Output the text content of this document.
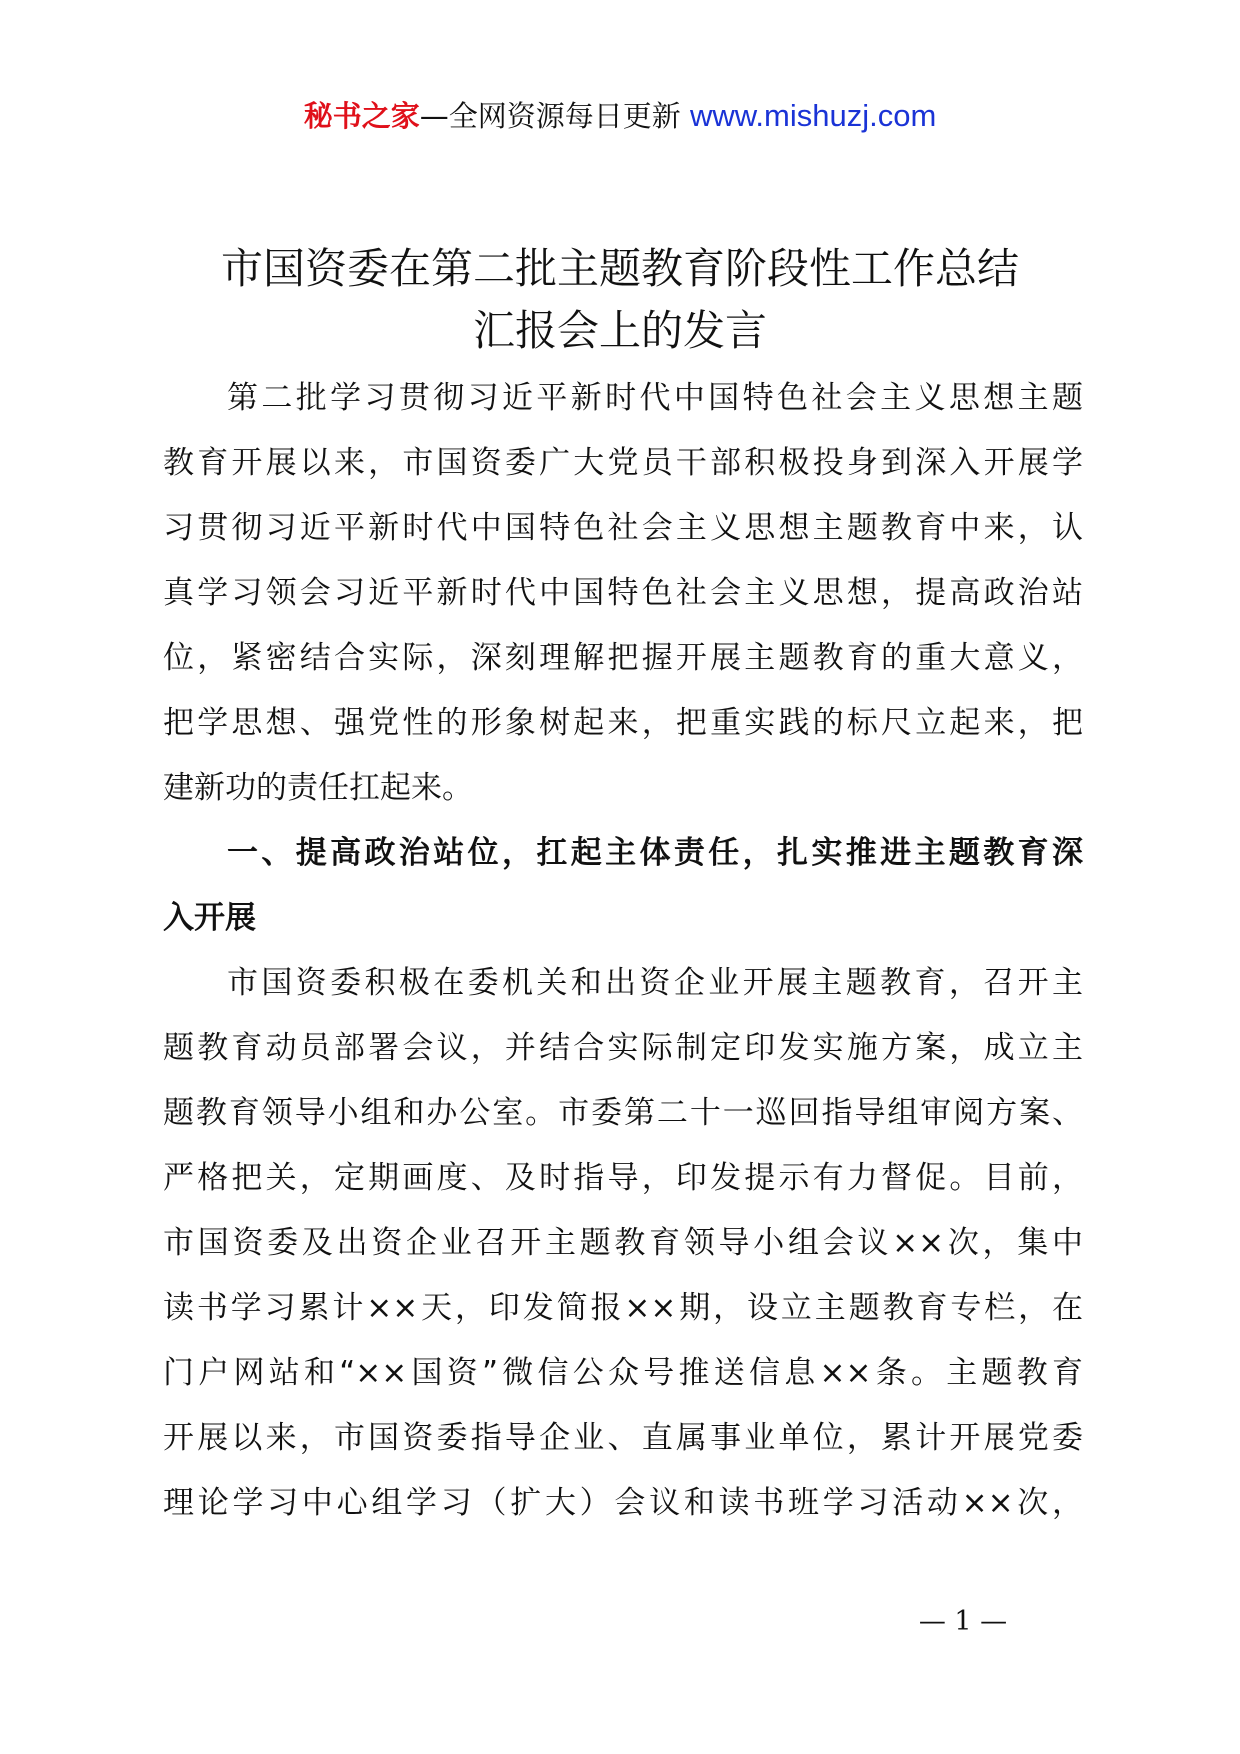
秘书之家—全网资源每日更新 www.mishuzj.com
市国资委在第二批主题教育阶段性工作总结
汇报会上的发言
第二批学习贯彻习近平新时代中国特色社会主义思想主题
教育开展以来，市国资委广大党员干部积极投身到深入开展学
习贯彻习近平新时代中国特色社会主义思想主题教育中来，认
真学习领会习近平新时代中国特色社会主义思想，提高政治站
位，紧密结合实际，深刻理解把握开展主题教育的重大意义，
把学思想、强党性的形象树起来，把重实践的标尺立起来，把
建新功的责任扛起来。
一、提高政治站位，扛起主体责任，扎实推进主题教育深
入开展
市国资委积极在委机关和出资企业开展主题教育，召开主
题教育动员部署会议，并结合实际制定印发实施方案，成立主
题教育领导小组和办公室。市委第二十一巡回指导组审阅方案、
严格把关，定期画度、及时指导，印发提示有力督促。目前，
市国资委及出资企业召开主题教育领导小组会议××次，集中
读书学习累计××天，印发简报××期，设立主题教育专栏，在
门户网站和“××国资”微信公众号推送信息××条。主题教育
开展以来，市国资委指导企业、直属事业单位，累计开展党委
理论学习中心组学习（扩大）会议和读书班学习活动××次，
— 1 —
